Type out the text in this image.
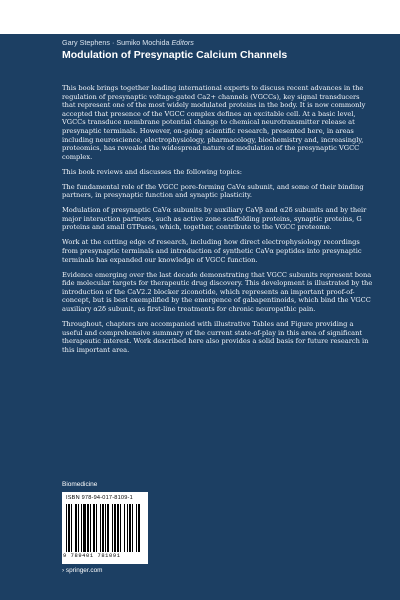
Gary Stephens · Sumiko Mochida Editors
Modulation of Presynaptic Calcium Channels

This book brings together leading international experts to discuss recent advances in the regulation of presynaptic voltage-gated Ca2+ channels (VGCCs), key signal transducers that represent one of the most widely modulated proteins in the body. It is now commonly accepted that presence of the VGCC complex defines an excitable cell. At a basic level, VGCCs transduce membrane potential change to chemical neurotransmitter release at presynaptic terminals. However, on-going scientific research, presented here, in areas including neuroscience, electrophysiology, pharmacology, biochemistry and, increasingly, proteomics, has revealed the widespread nature of modulation of the presynaptic VGCC complex.

This book reviews and discusses the following topics:

The fundamental role of the VGCC pore-forming CaVα subunit, and some of their binding partners, in presynaptic function and synaptic plasticity.

Modulation of presynaptic CaVα subunits by auxiliary CaVβ and α2δ subunits and by their major interaction partners, such as active zone scaffolding proteins, synaptic proteins, G proteins and small GTPases, which, together, contribute to the VGCC proteome.

Work at the cutting edge of research, including how direct electrophysiology recordings from presynaptic terminals and introduction of synthetic CaVα peptides into presynaptic terminals has expanded our knowledge of VGCC function.

Evidence emerging over the last decade demonstrating that VGCC subunits represent bona fide molecular targets for therapeutic drug discovery. This development is illustrated by the introduction of the CaV2.2 blocker ziconotide, which represents an important proof-of-concept, but is best exemplified by the emergence of gabapentinoids, which bind the VGCC auxiliary α2δ subunit, as first-line treatments for chronic neuropathic pain.

Throughout, chapters are accompanied with illustrative Tables and Figure providing a useful and comprehensive summary of the current state-of-play in this area of significant therapeutic interest. Work described here also provides a solid basis for future research in this important area.

Biomedicine
ISBN 978-94-017-8109-1
9 789401 781091
› springer.com
